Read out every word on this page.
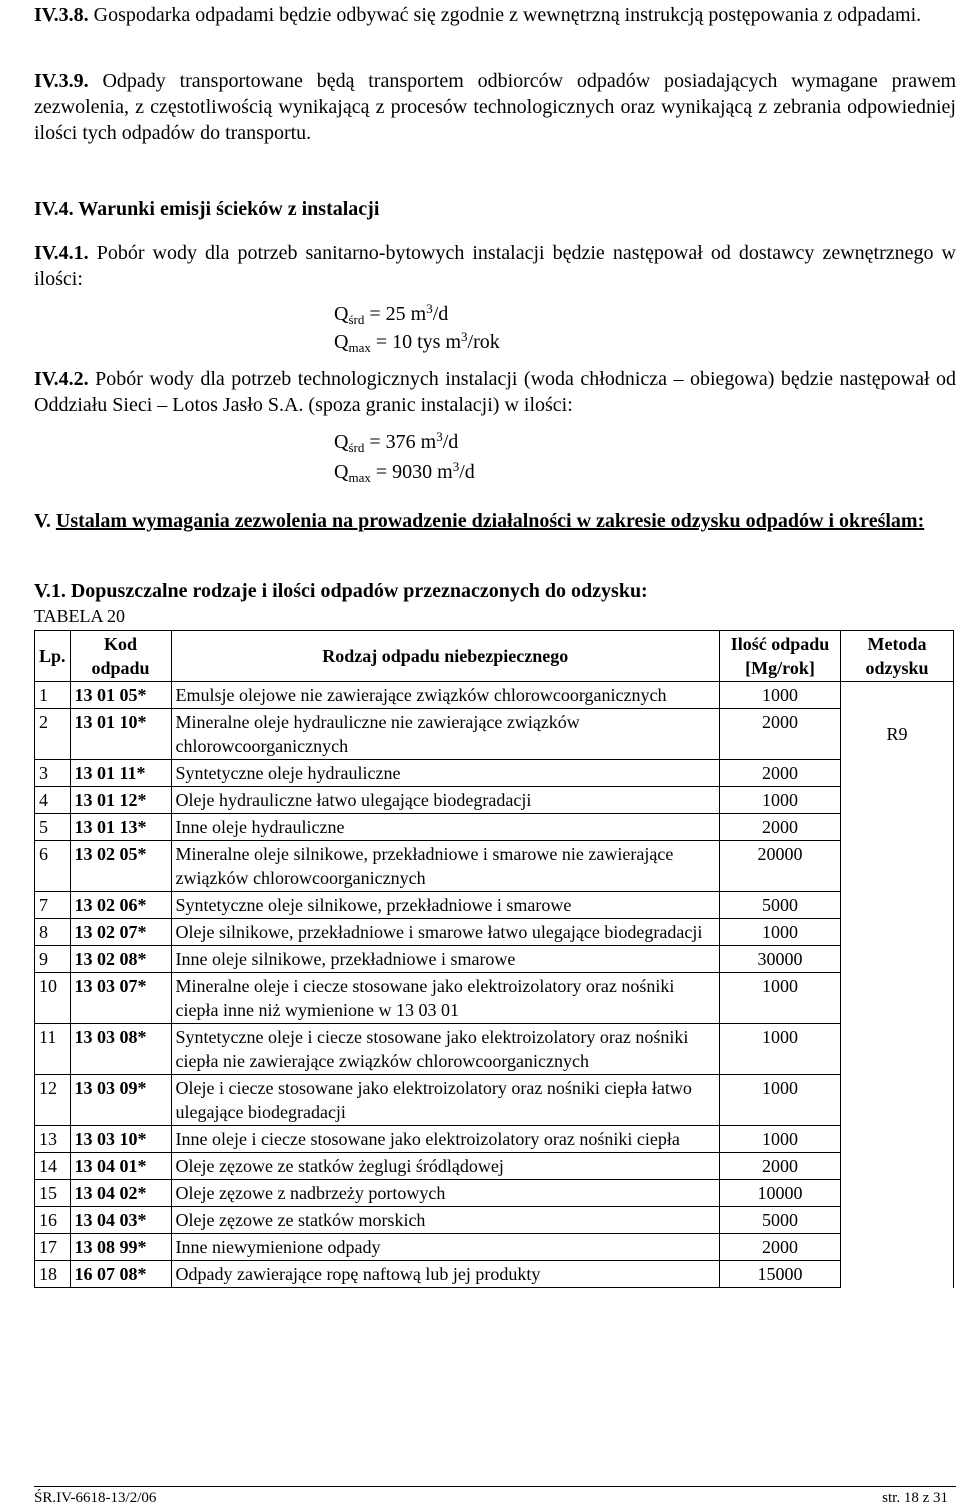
IV.3.8. Gospodarka odpadami będzie odbywać się zgodnie z wewnętrzną instrukcją postępowania z odpadami.

IV.3.9. Odpady transportowane będą transportem odbiorców odpadów posiadających wymagane prawem zezwolenia, z częstotliwością wynikającą z procesów technologicznych oraz wynikającą z zebrania odpowiedniej ilości tych odpadów do transportu.

IV.4. Warunki emisji ścieków z instalacji

IV.4.1. Pobór wody dla potrzeb sanitarno-bytowych instalacji będzie następował od dostawcy zewnętrznego w ilości:

$Q_{śrd} = 25$ $m^3/d$
$Q_{max} = 10$ tys $m^3$/rok

IV.4.2. Pobór wody dla potrzeb technologicznych instalacji (woda chłodnicza – obiegowa) będzie następował od Oddziału Sieci – Lotos Jasło S.A. (spoza granic instalacji) w ilości:

$Q_{śrd} = 376$ $m^3/d$
$Q_{max} = 9030$ $m^3/d$

V. Ustalam wymagania zezwolenia na prowadzenie działalności w zakresie odzysku odpadów i określam:

V.1. Dopuszczalne rodzaje i ilości odpadów przeznaczonych do odzysku:
TABELA 20
Lp.	Kod odpadu	Rodzaj odpadu niebezpiecznego	Ilość odpadu [Mg/rok]	Metoda odzysku
1	13 01 05*	Emulsje olejowe nie zawierające związków chlorowcoorganicznych	1000	R9
2	13 01 10*	Mineralne oleje hydrauliczne nie zawierające związków chlorowcoorganicznych	2000	
3	13 01 11*	Syntetyczne oleje hydrauliczne	2000	
4	13 01 12*	Oleje hydrauliczne łatwo ulegające biodegradacji	1000	
5	13 01 13*	Inne oleje hydrauliczne	2000	
6	13 02 05*	Mineralne oleje silnikowe, przekładniowe i smarowe nie zawierające związków chlorowcoorganicznych	20000	
7	13 02 06*	Syntetyczne oleje silnikowe, przekładniowe i smarowe	5000	
8	13 02 07*	Oleje silnikowe, przekładniowe i smarowe łatwo ulegające biodegradacji	1000	
9	13 02 08*	Inne oleje silnikowe, przekładniowe i smarowe	30000	
10	13 03 07*	Mineralne oleje i ciecze stosowane jako elektroizolatory oraz nośniki ciepła inne niż wymienione w 13 03 01	1000	
11	13 03 08*	Syntetyczne oleje i ciecze stosowane jako elektroizolatory oraz nośniki ciepła nie zawierające związków chlorowcoorganicznych	1000	
12	13 03 09*	Oleje i ciecze stosowane jako elektroizolatory oraz nośniki ciepła łatwo ulegające biodegradacji	1000	
13	13 03 10*	Inne oleje i ciecze stosowane jako elektroizolatory oraz nośniki ciepła	1000	
14	13 04 01*	Oleje zęzowe ze statków żeglugi śródlądowej	2000	
15	13 04 02*	Oleje zęzowe z nadbrzeży portowych	10000	
16	13 04 03*	Oleje zęzowe ze statków morskich	5000	
17	13 08 99*	Inne niewymienione odpady	2000	
18	16 07 08*	Odpady zawierające ropę naftową lub jej produkty	15000	
ŚR.IV-6618-13/2/06	str. 18 z 31
